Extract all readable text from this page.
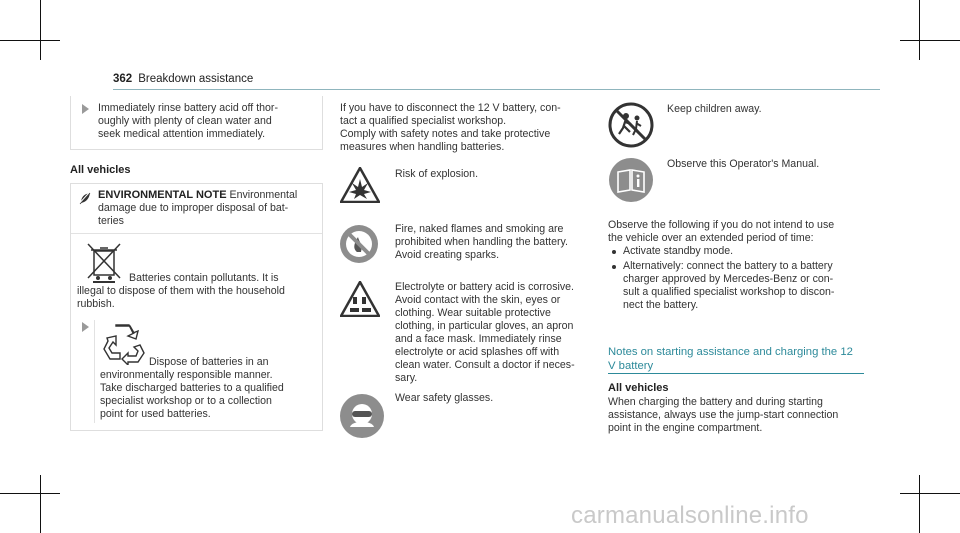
362 Breakdown assistance
Immediately rinse battery acid off thor-
oughly with plenty of clean water and
seek medical attention immediately.
All vehicles
ENVIRONMENTAL NOTE Environmental
damage due to improper disposal of bat-
teries
Batteries contain pollutants. It is
illegal to dispose of them with the household
rubbish.
Dispose of batteries in an
environmentally responsible manner.
Take discharged batteries to a qualified
specialist workshop or to a collection
point for used batteries.
If you have to disconnect the 12 V battery, con-
tact a qualified specialist workshop.
Comply with safety notes and take protective
measures when handling batteries.
Risk of explosion.
Fire, naked flames and smoking are
prohibited when handling the battery.
Avoid creating sparks.
Electrolyte or battery acid is corrosive.
Avoid contact with the skin, eyes or
clothing. Wear suitable protective
clothing, in particular gloves, an apron
and a face mask. Immediately rinse
electrolyte or acid splashes off with
clean water. Consult a doctor if neces-
sary.
Wear safety glasses.
Keep children away.
Observe this Operator's Manual.
Observe the following if you do not intend to use
the vehicle over an extended period of time:
Activate standby mode.
Alternatively: connect the battery to a battery
charger approved by Mercedes-Benz or con-
sult a qualified specialist workshop to discon-
nect the battery.
Notes on starting assistance and charging the 12
V battery
All vehicles
When charging the battery and during starting
assistance, always use the jump-start connection
point in the engine compartment.
carmanualsonline.info
